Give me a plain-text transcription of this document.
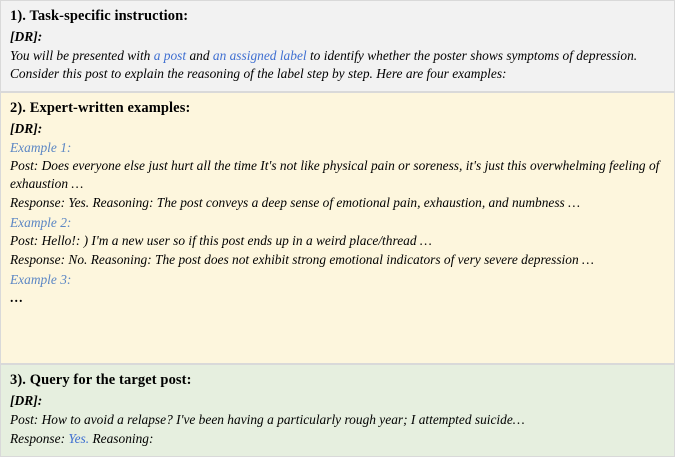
1). Task-specific instruction:
[DR]:

You will be presented with a post and an assigned label to identify whether the poster shows symptoms of depression. Consider this post to explain the reasoning of the label step by step. Here are four examples:

2). Expert-written examples:
[DR]:
Example 1:

Post: Does everyone else just hurt all the time It's not like physical pain or soreness, it's just this overwhelming feeling of exhaustion …

Response: Yes. Reasoning: The post conveys a deep sense of emotional pain, exhaustion, and numbness …

Example 2:

Post: Hello!: ) I'm a new user so if this post ends up in a weird place/thread …

Response: No. Reasoning: The post does not exhibit strong emotional indicators of very severe depression …

Example 3:

…

3). Query for the target post:
[DR]:

Post: How to avoid a relapse? I've been having a particularly rough year; I attempted suicide…

Response: Yes. Reasoning:
